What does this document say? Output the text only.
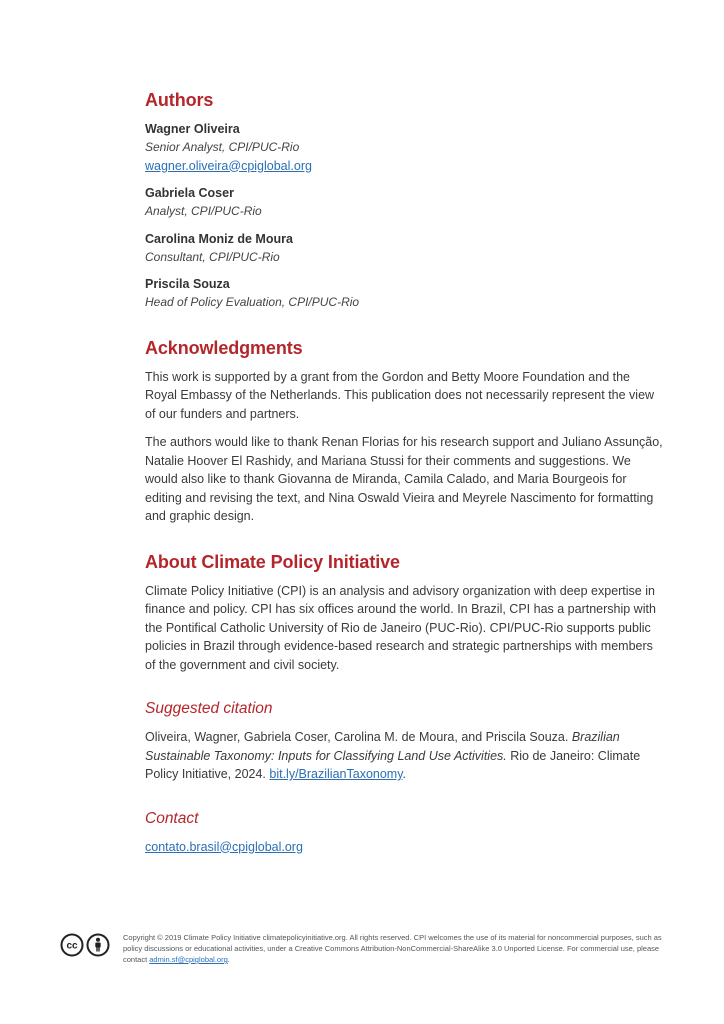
Authors
Wagner Oliveira
Senior Analyst, CPI/PUC-Rio
wagner.oliveira@cpiglobal.org
Gabriela Coser
Analyst, CPI/PUC-Rio
Carolina Moniz de Moura
Consultant, CPI/PUC-Rio
Priscila Souza
Head of Policy Evaluation, CPI/PUC-Rio
Acknowledgments

This work is supported by a grant from the Gordon and Betty Moore Foundation and the Royal Embassy of the Netherlands. This publication does not necessarily represent the view of our funders and partners.

The authors would like to thank Renan Florias for his research support and Juliano Assunção, Natalie Hoover El Rashidy, and Mariana Stussi for their comments and suggestions. We would also like to thank Giovanna de Miranda, Camila Calado, and Maria Bourgeois for editing and revising the text, and Nina Oswald Vieira and Meyrele Nascimento for formatting and graphic design.

About Climate Policy Initiative

Climate Policy Initiative (CPI) is an analysis and advisory organization with deep expertise in finance and policy. CPI has six offices around the world. In Brazil, CPI has a partnership with the Pontifical Catholic University of Rio de Janeiro (PUC-Rio). CPI/PUC-Rio supports public policies in Brazil through evidence-based research and strategic partnerships with members of the government and civil society.

Suggested citation

Oliveira, Wagner, Gabriela Coser, Carolina M. de Moura, and Priscila Souza. Brazilian Sustainable Taxonomy: Inputs for Classifying Land Use Activities. Rio de Janeiro: Climate Policy Initiative, 2024. bit.ly/BrazilianTaxonomy.

Contact

contato.brasil@cpiglobal.org

cc
Copyright © 2019 Climate Policy Initiative climatepolicyinitiative.org. All rights reserved. CPI welcomes the use of its material for noncommercial purposes, such as policy discussions or educational activities, under a Creative Commons Attribution-NonCommercial-ShareAlike 3.0 Unported License. For commercial use, please contact admin.sf@cpiglobal.org.
